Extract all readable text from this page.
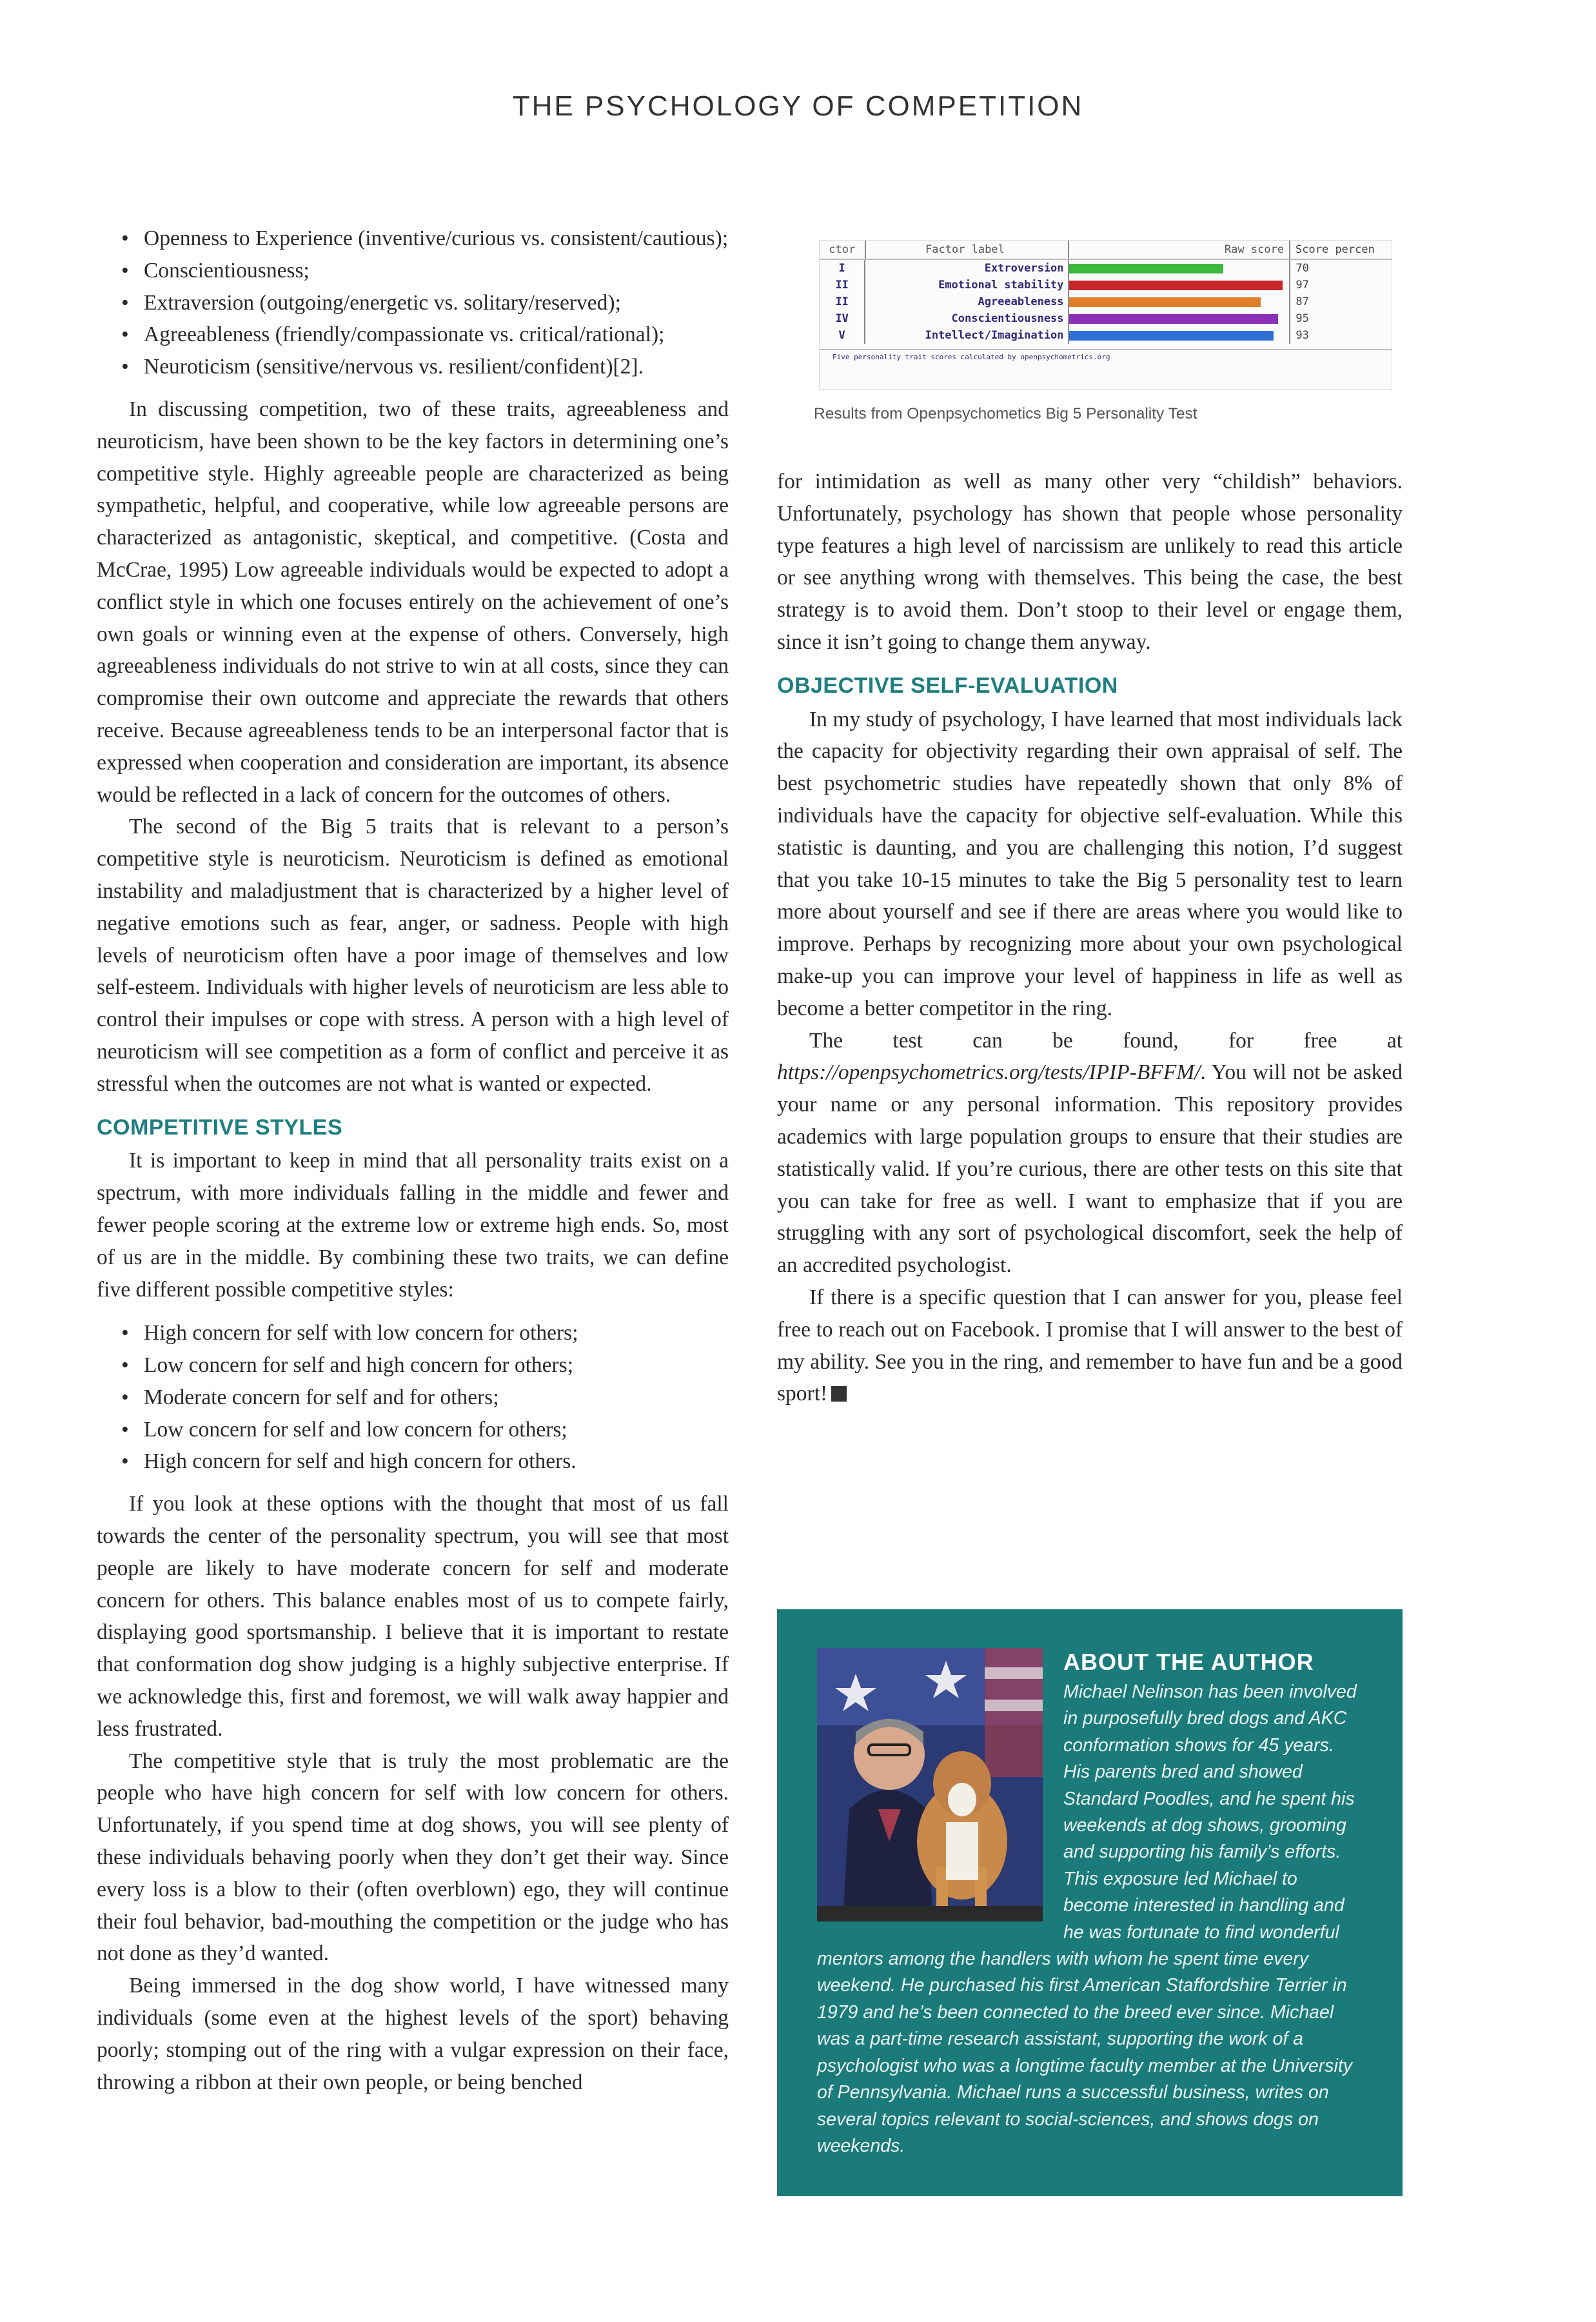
THE PSYCHOLOGY OF COMPETITION
• Openness to Experience (inventive/curious vs. consistent/cautious);
• Conscientiousness;
• Extraversion (outgoing/energetic vs. solitary/reserved);
• Agreeableness (friendly/compassionate vs. critical/rational);
• Neuroticism (sensitive/nervous vs. resilient/confident)[2].

In discussing competition, two of these traits, agreeableness and neuroticism, have been shown to be the key factors in determining one’s competitive style. Highly agreeable people are characterized as being sympathetic, helpful, and cooperative, while low agreeable persons are characterized as antagonistic, skeptical, and competitive. (Costa and McCrae, 1995) Low agreeable individuals would be expected to adopt a conflict style in which one focuses entirely on the achievement of one’s own goals or winning even at the expense of others. Conversely, high agreeableness individuals do not strive to win at all costs, since they can compromise their own outcome and appreciate the rewards that others receive. Because agreeableness tends to be an interpersonal factor that is expressed when cooperation and consideration are important, its absence would be reflected in a lack of concern for the outcomes of others.

The second of the Big 5 traits that is relevant to a person’s competitive style is neuroticism. Neuroticism is defined as emotional instability and maladjustment that is characterized by a higher level of negative emotions such as fear, anger, or sadness. People with high levels of neuroticism often have a poor image of themselves and low self-esteem. Individuals with higher levels of neuroticism are less able to control their impulses or cope with stress. A person with a high level of neuroticism will see competition as a form of conflict and perceive it as stressful when the outcomes are not what is wanted or expected.

COMPETITIVE STYLES

It is important to keep in mind that all personality traits exist on a spectrum, with more individuals falling in the middle and fewer and fewer people scoring at the extreme low or extreme high ends. So, most of us are in the middle. By combining these two traits, we can define five different possible competitive styles:

• High concern for self with low concern for others;
• Low concern for self and high concern for others;
• Moderate concern for self and for others;
• Low concern for self and low concern for others;
• High concern for self and high concern for others.

If you look at these options with the thought that most of us fall towards the center of the personality spectrum, you will see that most people are likely to have moderate concern for self and moderate concern for others. This balance enables most of us to compete fairly, displaying good sportsmanship. I believe that it is important to restate that conformation dog show judging is a highly subjective enterprise. If we acknowledge this, first and foremost, we will walk away happier and less frustrated.

The competitive style that is truly the most problematic are the people who have high concern for self with low concern for others. Unfortunately, if you spend time at dog shows, you will see plenty of these individuals behaving poorly when they don’t get their way. Since every loss is a blow to their (often overblown) ego, they will continue their foul behavior, bad-mouthing the competition or the judge who has not done as they’d wanted.

Being immersed in the dog show world, I have witnessed many individuals (some even at the highest levels of the sport) behaving poorly; stomping out of the ring with a vulgar expression on their face, throwing a ribbon at their own people, or being benched

ctor	Factor label	Raw score	Score percen
I	Extroversion	70
II	Emotional stability	97
II	Agreeableness	87
IV	Conscientiousness	95
V	Intellect/Imagination	93
Five personality trait scores calculated by openpsychometrics.org
Results from Openpsychometics Big 5 Personality Test

for intimidation as well as many other very “childish” behaviors. Unfortunately, psychology has shown that people whose personality type features a high level of narcissism are unlikely to read this article or see anything wrong with themselves. This being the case, the best strategy is to avoid them. Don’t stoop to their level or engage them, since it isn’t going to change them anyway.

OBJECTIVE SELF-EVALUATION

In my study of psychology, I have learned that most individuals lack the capacity for objectivity regarding their own appraisal of self. The best psychometric studies have repeatedly shown that only 8% of individuals have the capacity for objective self-evaluation. While this statistic is daunting, and you are challenging this notion, I’d suggest that you take 10-15 minutes to take the Big 5 personality test to learn more about yourself and see if there are areas where you would like to improve. Perhaps by recognizing more about your own psychological make-up you can improve your level of happiness in life as well as become a better competitor in the ring.

The test can be found, for free at https://openpsychometrics.org/tests/IPIP-BFFM/. You will not be asked your name or any personal information. This repository provides academics with large population groups to ensure that their studies are statistically valid. If you’re curious, there are other tests on this site that you can take for free as well. I want to emphasize that if you are struggling with any sort of psychological discomfort, seek the help of an accredited psychologist.

If there is a specific question that I can answer for you, please feel free to reach out on Facebook. I promise that I will answer to the best of my ability. See you in the ring, and remember to have fun and be a good sport!

ABOUT THE AUTHOR

Michael Nelinson has been involved in purposefully bred dogs and AKC conformation shows for 45 years. His parents bred and showed Standard Poodles, and he spent his weekends at dog shows, grooming and supporting his family’s efforts. This exposure led Michael to become interested in handling and he was fortunate to find wonderful mentors among the handlers with whom he spent time every weekend. He purchased his first American Staffordshire Terrier in 1979 and he’s been connected to the breed ever since. Michael was a part-time research assistant, supporting the work of a psychologist who was a longtime faculty member at the University of Pennsylvania. Michael runs a successful business, writes on several topics relevant to social-sciences, and shows dogs on weekends.
